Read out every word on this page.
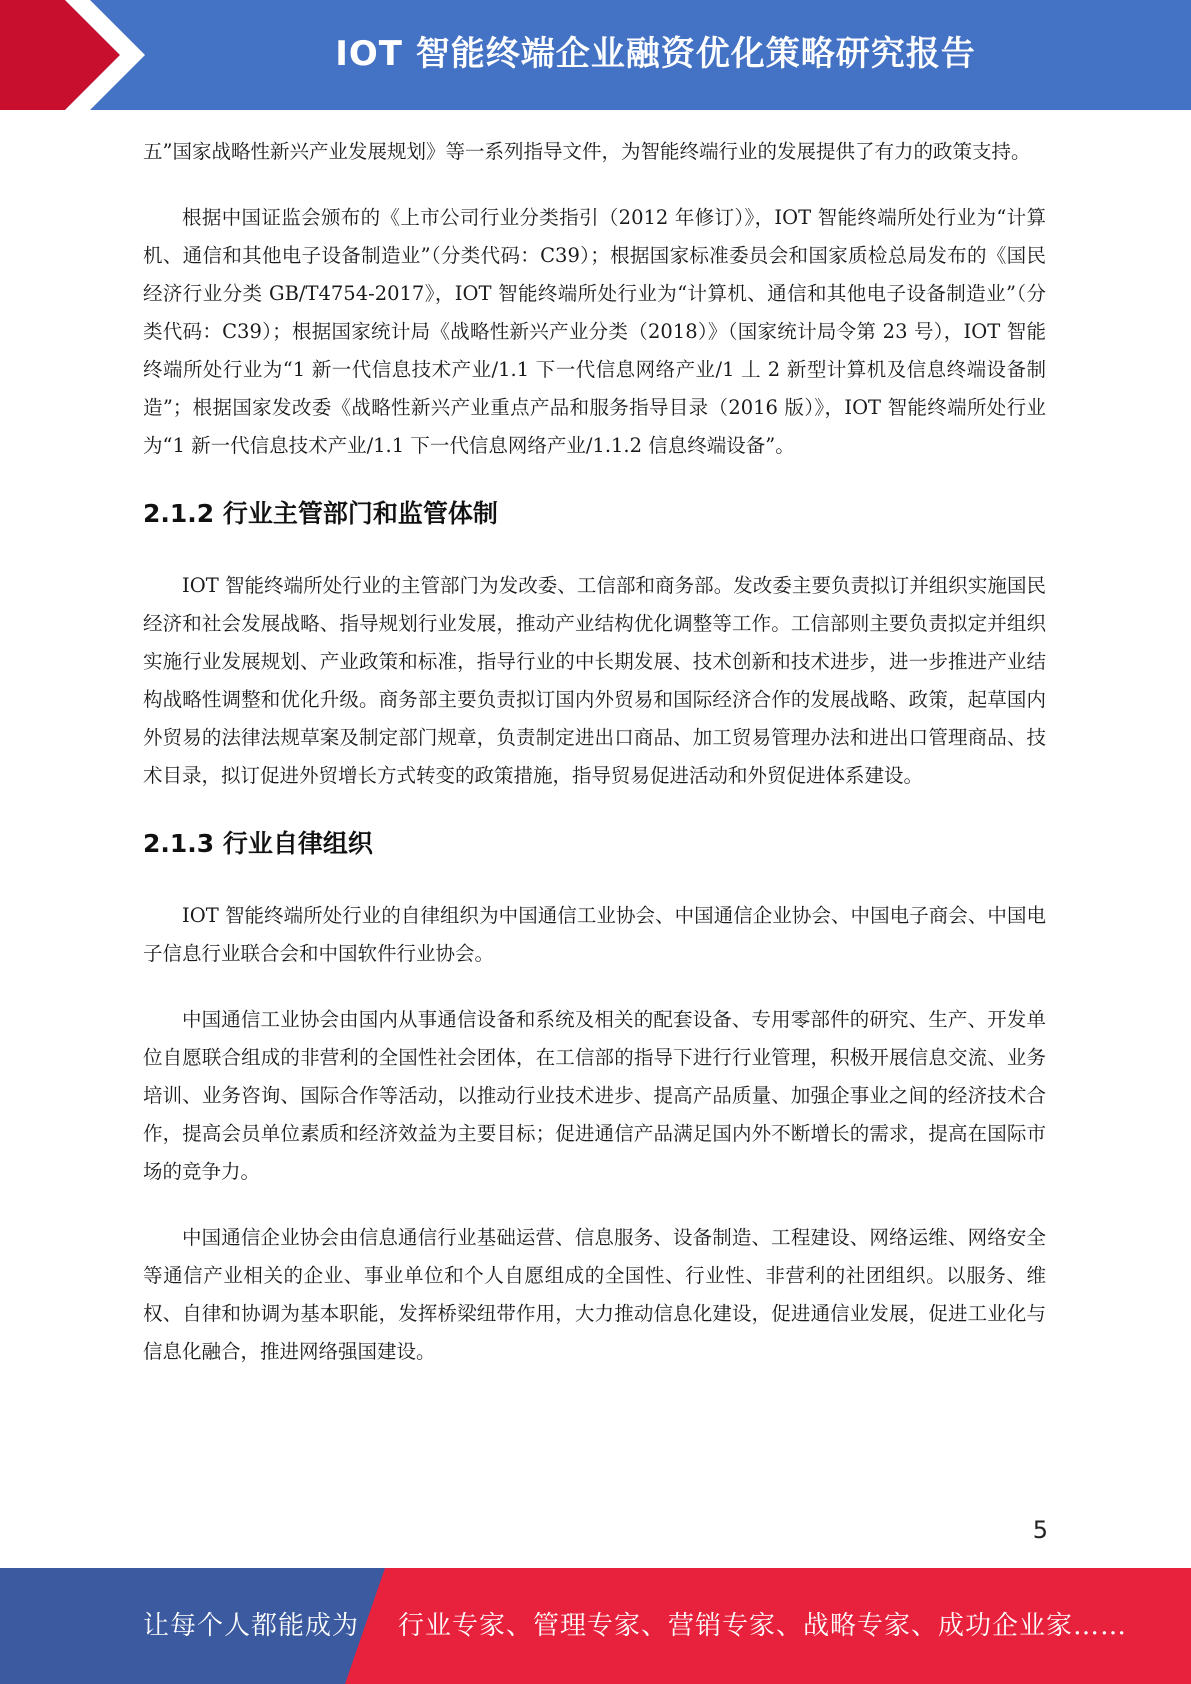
IOT 智能终端企业融资优化策略研究报告

五”国家战略性新兴产业发展规划》等一系列指导文件，为智能终端行业的发展提供了有力的政策支持。

根据中国证监会颁布的《上市公司行业分类指引（2012 年修订）》，IOT 智能终端所处行业为“计算机、通信和其他电子设备制造业”（分类代码：C39）；根据国家标准委员会和国家质检总局发布的《国民经济行业分类 GB/T4754-2017》，IOT 智能终端所处行业为“计算机、通信和其他电子设备制造业”（分类代码：C39）；根据国家统计局《战略性新兴产业分类（2018）》（国家统计局令第 23 号），IOT 智能终端所处行业为“1 新一代信息技术产业/1.1 下一代信息网络产业/1 丄 2 新型计算机及信息终端设备制造”；根据国家发改委《战略性新兴产业重点产品和服务指导目录（2016 版）》，IOT 智能终端所处行业为“1 新一代信息技术产业/1.1 下一代信息网络产业/1.1.2 信息终端设备”。

2.1.2 行业主管部门和监管体制

IOT 智能终端所处行业的主管部门为发改委、工信部和商务部。发改委主要负责拟订并组织实施国民经济和社会发展战略、指导规划行业发展，推动产业结构优化调整等工作。工信部则主要负责拟定并组织实施行业发展规划、产业政策和标准，指导行业的中长期发展、技术创新和技术进步，进一步推进产业结构战略性调整和优化升级。商务部主要负责拟订国内外贸易和国际经济合作的发展战略、政策，起草国内外贸易的法律法规草案及制定部门规章，负责制定进出口商品、加工贸易管理办法和进出口管理商品、技术目录，拟订促进外贸增长方式转变的政策措施，指导贸易促进活动和外贸促进体系建设。

2.1.3 行业自律组织

IOT 智能终端所处行业的自律组织为中国通信工业协会、中国通信企业协会、中国电子商会、中国电子信息行业联合会和中国软件行业协会。

中国通信工业协会由国内从事通信设备和系统及相关的配套设备、专用零部件的研究、生产、开发单位自愿联合组成的非营利的全国性社会团体，在工信部的指导下进行行业管理，积极开展信息交流、业务培训、业务咨询、国际合作等活动，以推动行业技术进步、提高产品质量、加强企事业之间的经济技术合作，提高会员单位素质和经济效益为主要目标；促进通信产品满足国内外不断增长的需求，提高在国际市场的竞争力。

中国通信企业协会由信息通信行业基础运营、信息服务、设备制造、工程建设、网络运维、网络安全等通信产业相关的企业、事业单位和个人自愿组成的全国性、行业性、非营利的社团组织。以服务、维权、自律和协调为基本职能，发挥桥梁纽带作用，大力推动信息化建设，促进通信业发展，促进工业化与信息化融合，推进网络强国建设。

5
让每个人都能成为 行业专家、管理专家、营销专家、战略专家、成功企业家……
